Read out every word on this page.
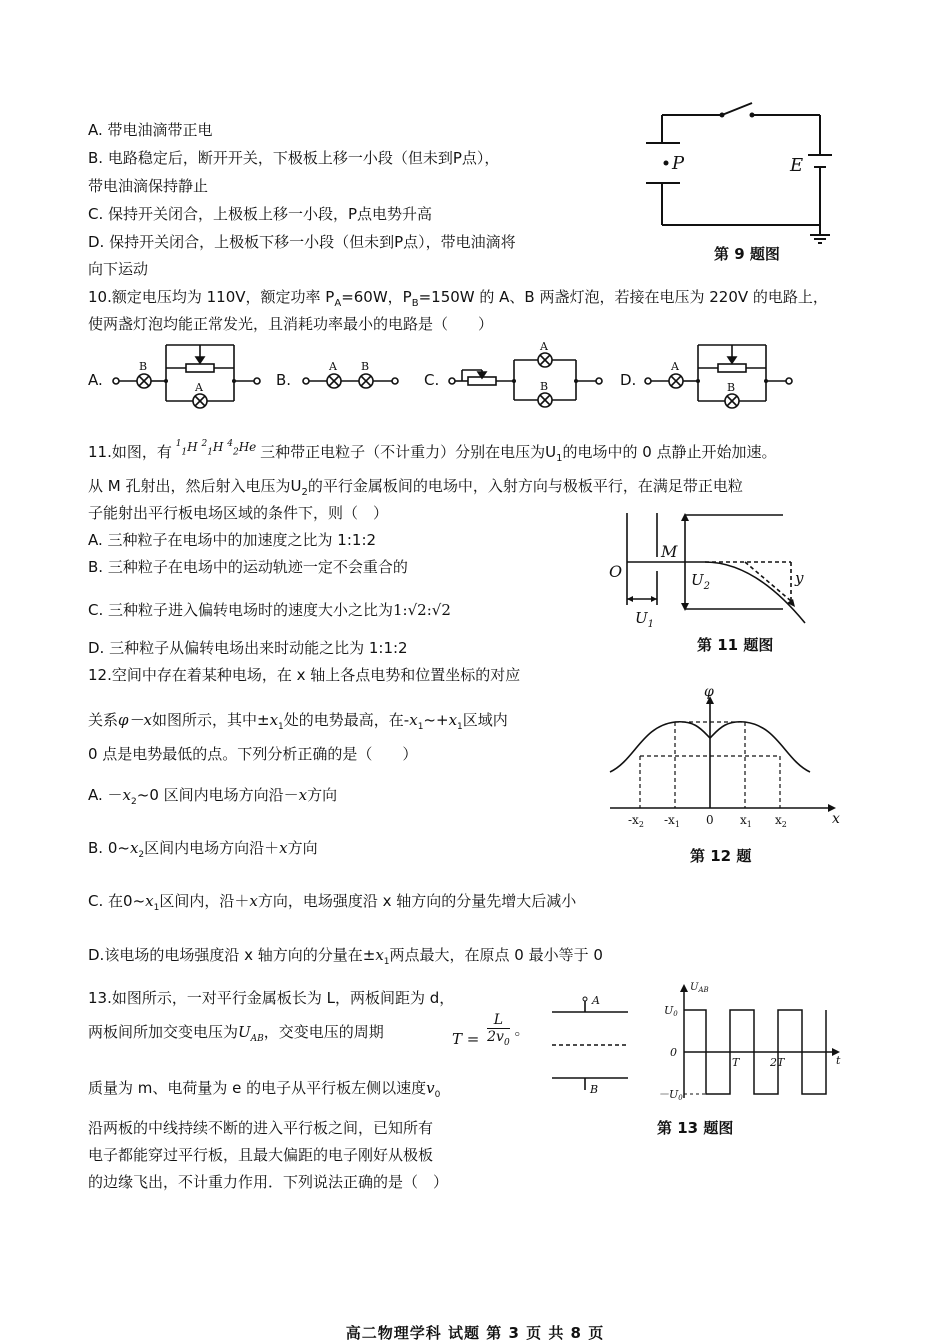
A. 带电油滴带正电
B. 电路稳定后，断开开关，下极板上移一小段（但未到P点），
带电油滴保持静止
C. 保持开关闭合，上极板上移一小段，P点电势升高
D. 保持开关闭合，上极板下移一小段（但未到P点），带电油滴将
向下运动
P	E
第 9 题图
10.额定电压均为 110V，额定功率 $P_A=60W$，$P_B=150W$ 的 A、B 两盏灯泡，若接在电压为 220V 的电路上，
使两盏灯泡均能正常发光，且消耗功率最小的电路是（　　）
A.	B.	C.	D.
B
A
A B
A
B
A
B
11.如图，有 $^{^1_1H ^2_1H ^4_2He}$ 三种带正电粒子（不计重力）分别在电压为$U_1$的电场中的 0 点静止开始加速。
从 M 孔射出，然后射入电压为$U_2$的平行金属板间的电场中，入射方向与极板平行，在满足带正电粒
子能射出平行板电场区域的条件下，则（　）
A. 三种粒子在电场中的加速度之比为 1:1:2
B. 三种粒子在电场中的运动轨迹一定不会重合的
C. 三种粒子进入偏转电场时的速度大小之比为1:√2:√2
D. 三种粒子从偏转电场出来时动能之比为 1:1:2
O
M
$U_2$	y
$U_1$
第 11 题图
12.空间中存在着某种电场，在 x 轴上各点电势和位置坐标的对应
关系φ－x如图所示，其中$\pm x_1$处的电势最高，在$-x_1\sim+x_1$区域内
0 点是电势最低的点。下列分析正确的是（　　）
A. $-x_2\sim 0$ 区间内电场方向沿－x方向
B. $0\sim x_2$区间内电场方向沿＋x方向
C. 在$0\sim x_1$区间内，沿＋x方向，电场强度沿 x 轴方向的分量先增大后减小
D.该电场的电场强度沿 x 轴方向的分量在$\pm x_1$两点最大，在原点 0 最小等于 0
φ
$-x_2$ $-x_1$ 0 $x_1$ $x_2$	x
第 12 题
13.如图所示，一对平行金属板长为 L，两板间距为 d，
两板间所加交变电压为$U_{AB}$，交变电压的周期	$T = \frac{L}{2v_0}$ 。
质量为 m、电荷量为 e 的电子从平行板左侧以速度$v_0$
沿两板的中线持续不断的进入平行板之间，已知所有
电子都能穿过平行板，且最大偏距的电子刚好从极板
的边缘飞出，不计重力作用．下列说法正确的是（　）
A
B
$U_{AB}$
U0
0
－U0
T	2T	t
第 13 题图
高二物理学科 试题 第 3 页 共 8 页
